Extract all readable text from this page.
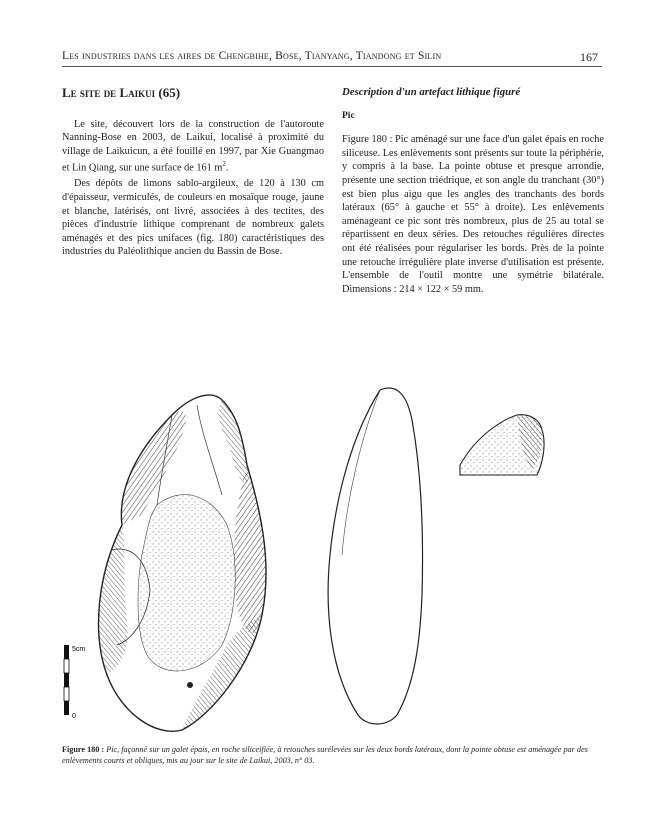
Les industries dans les aires de Chengbihe, Bose, Tianyang, Tiandong et Silin	167
Le site de Laikui (65)

Le site, découvert lors de la construction de l'autoroute Nanning-Bose en 2003, de Laikui, localisé à proximité du village de Laikuicun, a été fouillé en 1997, par Xie Guangmao et Lin Qiang, sur une surface de 161 $m^2$.

Des dépôts de limons sablo-argileux, de 120 à 130 cm d'épaisseur, vermiculés, de couleurs en mosaïque rouge, jaune et blanche, latérisés, ont livré, associées à des tectites, des pièces d'industrie lithique comprenant de nombreux galets aménagés et des pics unifaces (fig. 180) caractéristiques des industries du Paléolithique ancien du Bassin de Bose.

Description d'un artefact lithique figuré
Pic

Figure 180 : Pic aménagé sur une face d'un galet épais en roche siliceuse. Les enlèvements sont présents sur toute la périphérie, y compris à la base. La pointe obtuse et presque arrondie, présente une section triédrique, et son angle du tranchant (30°) est bien plus aigu que les angles des tranchants des bords latéraux (65° à gauche et 55° à droite). Les enlèvements aménageant ce pic sont très nombreux, plus de 25 au total se répartissent en deux séries. Des retouches régulières directes ont été réalisées pour régulariser les bords. Près de la pointe une retouche irrégulière plate inverse d'utilisation est présente. L'ensemble de l'outil montre une symétrie bilatérale. Dimensions : 214 × 122 × 59 mm.

5cm
0
Figure 180 : Pic, façonné sur un galet épais, en roche siliceifiée, à retouches surélevées sur les deux bords latéraux, dont la pointe obtuse est aménagée par des enlèvements courts et obliques, mis au jour sur le site de Laikui, 2003, n° 03.
